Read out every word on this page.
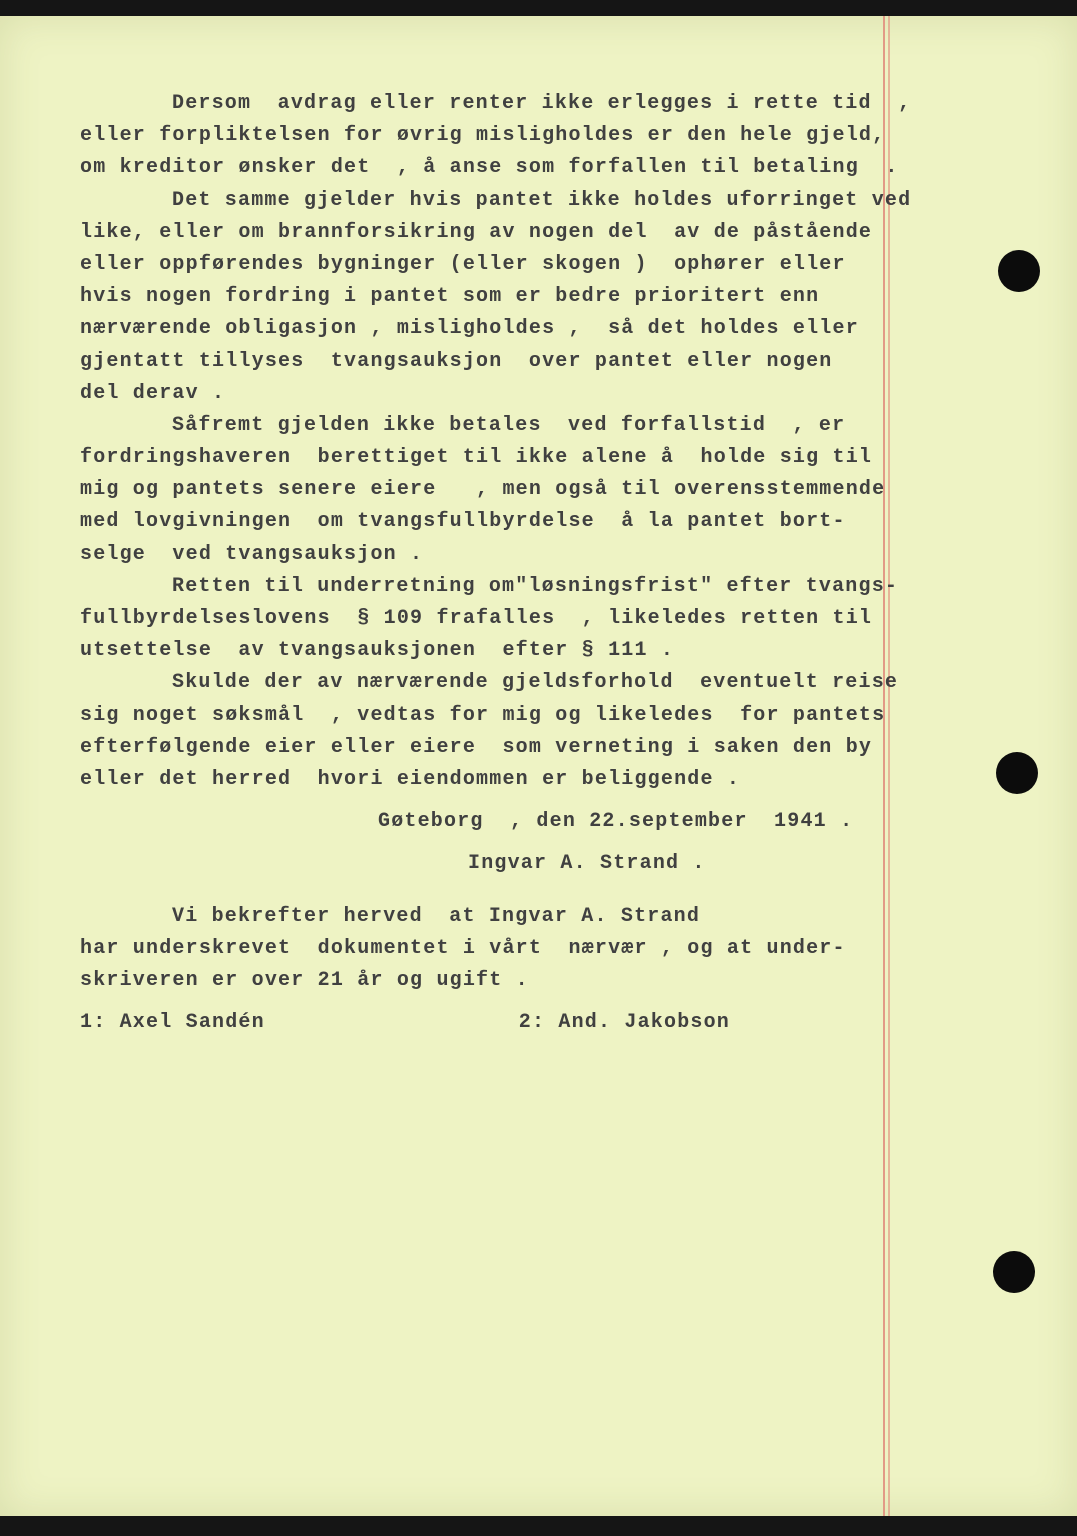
Dersom  avdrag eller renter ikke erlegges i rette tid  ,

eller forpliktelsen for øvrig misligholdes er den hele gjeld,

om kreditor ønsker det  , å anse som forfallen til betaling  .

Det samme gjelder hvis pantet ikke holdes uforringet ved

like, eller om brannforsikring av nogen del  av de påstående

eller oppførendes bygninger (eller skogen )  ophører eller

hvis nogen fordring i pantet som er bedre prioritert enn

nærværende obligasjon , misligholdes ,  så det holdes eller

gjentatt tillyses  tvangsauksjon  over pantet eller nogen

del derav .

Såfremt gjelden ikke betales  ved forfallstid  , er

fordringshaveren  berettiget til ikke alene å  holde sig til

mig og pantets senere eiere   , men også til overensstemmende

med lovgivningen  om tvangsfullbyrdelse  å la pantet bort-

selge  ved tvangsauksjon .

Retten til underretning om"løsningsfrist" efter tvangs-

fullbyrdelseslovens  § 109 frafalles  , likeledes retten til

utsettelse  av tvangsauksjonen  efter § 111 .

Skulde der av nærværende gjeldsforhold  eventuelt reise

sig noget søksmål  , vedtas for mig og likeledes  for pantets

efterfølgende eier eller eiere  som verneting i saken den by

eller det herred  hvori eiendommen er beliggende .

Gøteborg  , den 22.september  1941 .

Ingvar A. Strand .

Vi bekrefter herved  at Ingvar A. Strand

har underskrevet  dokumentet i vårt  nærvær , og at under-

skriveren er over 21 år og ugift .

1: Axel Sandén	2: And. Jakobson

In fidem
Hasmund Sundevall
dfm.
